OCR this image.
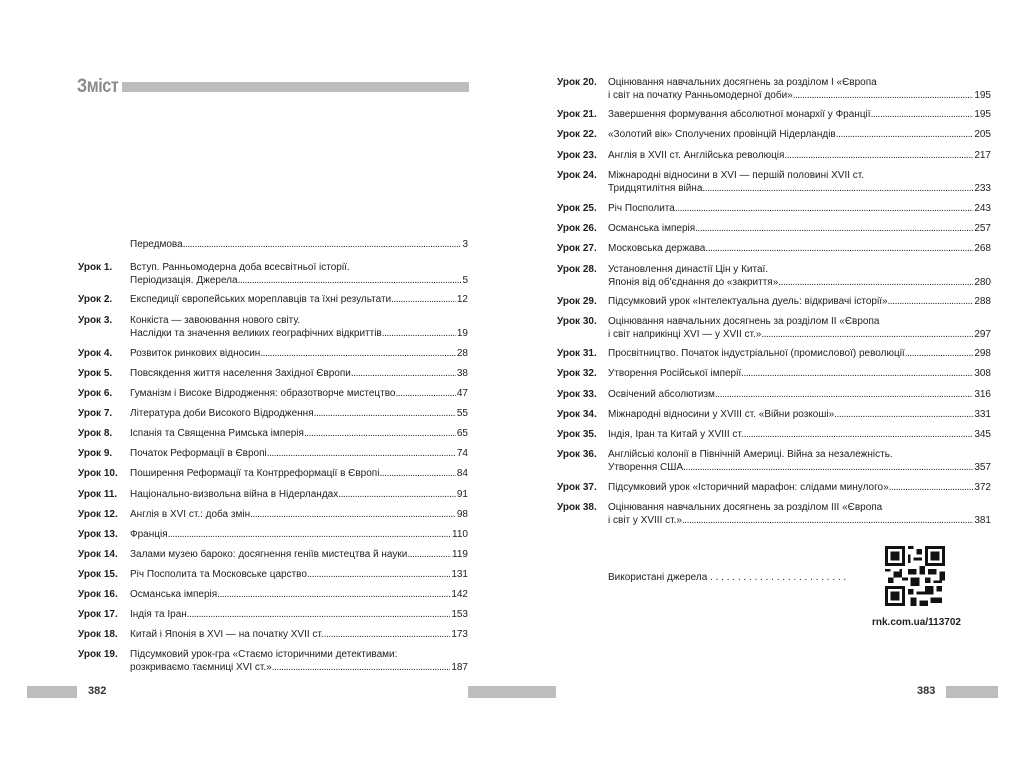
Зміст
Передмова . . .	3
Урок 1. Вступ. Ранньомодерна доба всесвітньої історії.
Періодизація. Джерела . . .	5
Урок 2. Експедиції європейських мореплавців та їхні результати . . .	12
Урок 3. Конкіста — завоювання нового світу.
Наслідки та значення великих географічних відкриттів . . .	19
Урок 4. Розвиток ринкових відносин . . .	28
Урок 5. Повсякдення життя населення Західної Європи . . .	38
Урок 6. Гуманізм і Високе Відродження: образотворче мистецтво . . .	47
Урок 7. Література доби Високого Відродження . . .	55
Урок 8. Іспанія та Священна Римська імперія . . .	65
Урок 9. Початок Реформації в Європі . . .	74
Урок 10. Поширення Реформації та Контрреформації в Європі . . .	84
Урок 11. Національно-визвольна війна в Нідерландах . . .	91
Урок 12. Англія в XVI ст.: доба змін . . .	98
Урок 13. Франція . . .	110
Урок 14. Залами музею бароко: досягнення геніїв мистецтва й науки . . .	119
Урок 15. Річ Посполита та Московське царство . . .	131
Урок 16. Османська імперія . . .	142
Урок 17. Індія та Іран . . .	153
Урок 18. Китай і Японія в XVI — на початку XVII ст. . . .	173
Урок 19. Підсумковий урок-гра «Стаємо історичними детективами:
розкриваємо таємниці XVI ст.» . . .	187
382
Урок 20. Оцінювання навчальних досягнень за розділом І «Європа
і світ на початку Ранньомодерної доби» . . .	195
Урок 21. Завершення формування абсолютної монархії у Франції . . .	195
Урок 22. «Золотий вік» Сполучених провінцій Нідерландів . . .	205
Урок 23. Англія в XVII ст. Англійська революція . . .	217
Урок 24. Міжнародні відносини в XVI — першій половині XVII ст.
Тридцятилітня війна . . .	233
Урок 25. Річ Посполита . . .	243
Урок 26. Османська імперія . . .	257
Урок 27. Московська держава . . .	268
Урок 28. Установлення династії Цін у Китаї.
Японія від об'єднання до «закриття» . . .	280
Урок 29. Підсумковий урок «Інтелектуальна дуель: відкривачі історії» . . .	288
Урок 30. Оцінювання навчальних досягнень за розділом II «Європа
і світ наприкінці XVI — у XVII ст.» . . .	297
Урок 31. Просвітництво. Початок індустріальної (промислової) революції . . .	298
Урок 32. Утворення Російської імперії . . .	308
Урок 33. Освічений абсолютизм . . .	316
Урок 34. Міжнародні відносини у XVIII ст. «Війни розкоші» . . .	331
Урок 35. Індія, Іран та Китай у XVIII ст. . . .	345
Урок 36. Англійські колонії в Північній Америці. Війна за незалежність.
Утворення США . . .	357
Урок 37. Підсумковий урок «Історичний марафон: слідами минулого» . . .	372
Урок 38. Оцінювання навчальних досягнень за розділом III «Європа
і світ у XVIII ст.» . . .	381
Використані джерела . . . . . . . . . . . . . . . . . . . . . . . . .
rnk.com.ua/113702
383
